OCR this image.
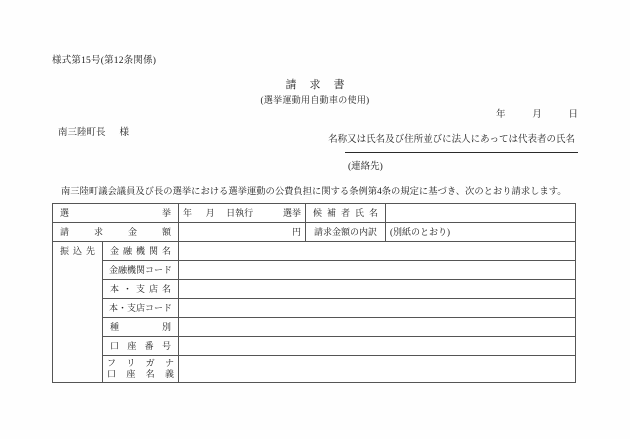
様式第15号(第12条関係)
請求書
(選挙運動用自動車の使用)
年	月	日
南三陸町長 様
名称又は氏名及び住所並びに法人にあっては代表者の氏名
(連絡先)
南三陸町議会議員及び長の選挙における選挙運動の公費負担に関する条例第4条の規定に基づき、次のとおり請求します。
選 挙		年 月 日執行 選挙	候 補 者 氏 名	

請 求 金 額		円	請求金額の内訳	(別紙のとおり)

振 込 先	金 融 機 関 名			

	金融機関コード			

	本 ・ 支 店 名			

	本・支店コード			

	種 別			

	口 座 番 号			

フ リ ガ ナ
口 座 名 義
